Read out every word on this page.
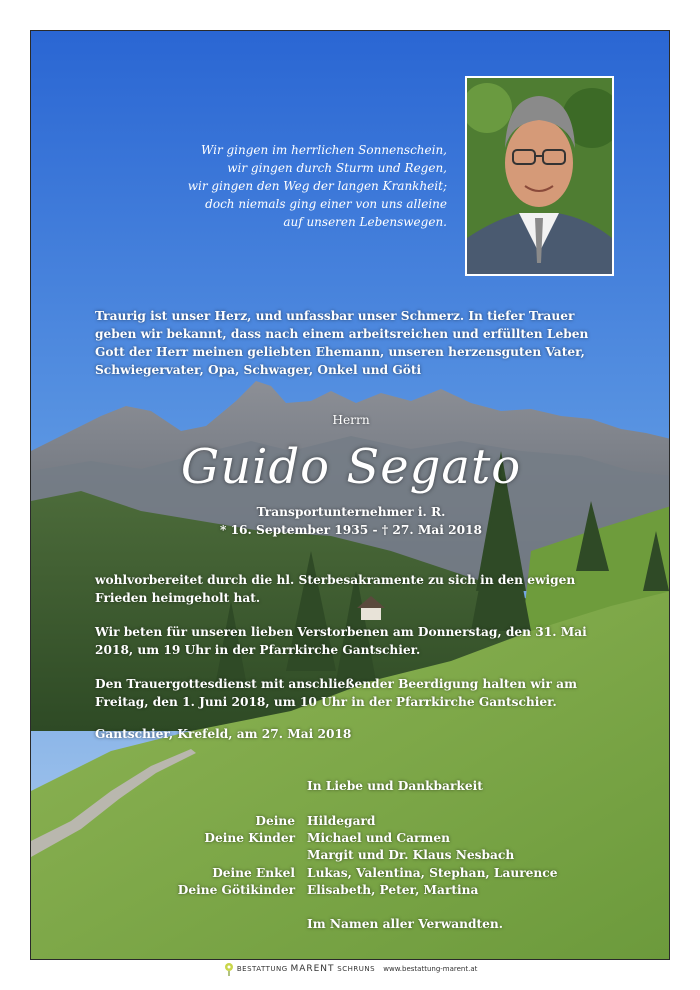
Wir gingen im herrlichen Sonnenschein,
wir gingen durch Sturm und Regen,
wir gingen den Weg der langen Krankheit;
doch niemals ging einer von uns alleine
auf unseren Lebenswegen.
Traurig ist unser Herz, und unfassbar unser Schmerz. In tiefer Trauer geben wir bekannt, dass nach einem arbeitsreichen und erfüllten Leben Gott der Herr meinen geliebten Ehemann, unseren herzensguten Vater, Schwiegervater, Opa, Schwager, Onkel und Göti
Herrn
Guido Segato
Transportunternehmer i. R.
* 16. September 1935 - † 27. Mai 2018
wohlvorbereitet durch die hl. Sterbesakramente zu sich in den ewigen Frieden heimgeholt hat.
Wir beten für unseren lieben Verstorbenen am Donnerstag, den 31. Mai 2018, um 19 Uhr in der Pfarrkirche Gantschier.
Den Trauergottesdienst mit anschließender Beerdigung halten wir am Freitag, den 1. Juni 2018, um 10 Uhr in der Pfarrkirche Gantschier.
Gantschier, Krefeld, am 27. Mai 2018
In Liebe und Dankbarkeit
Deine Hildegard
Deine Kinder Michael und Carmen
Margit und Dr. Klaus Nesbach
Deine Enkel Lukas, Valentina, Stephan, Laurence
Deine Götikinder Elisabeth, Peter, Martina
Im Namen aller Verwandten.
BESTATTUNG MARENT SCHRUNS www.bestattung-marent.at
